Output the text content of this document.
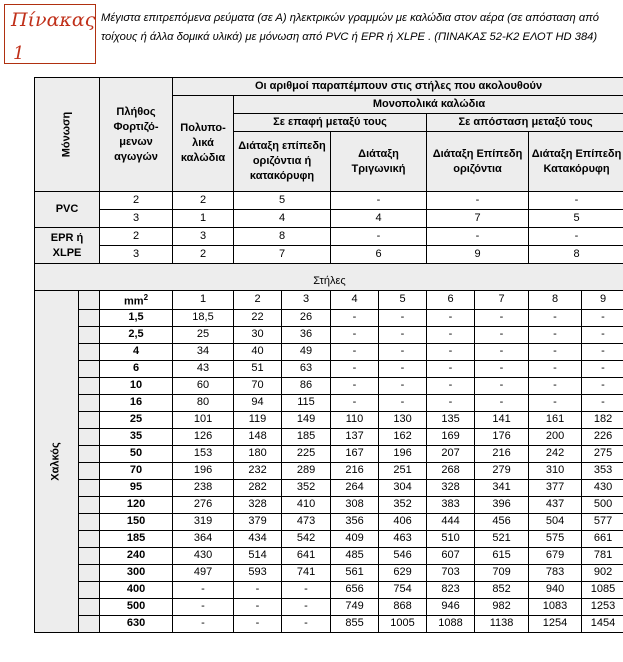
Πίνακας
1
Μέγιστα επιτρεπόμενα ρεύματα (σε Α) ηλεκτρικών γραμμών με καλώδια στον αέρα (σε απόσταση από τοίχους ή άλλα δομικά υλικά) με μόνωση από PVC ή EPR ή XLPE . (ΠΙΝΑΚΑΣ 52-Κ2 ΕΛΟΤ HD 384)
Μόνωση		Πλήθος Φορτιζό-μενων αγωγών	Οι αριθμοί παραπέμπουν στις στήλες που ακολουθούν								
			Πολυπο-λικά καλώδια	Μονοπολικά καλώδια							
				Σε επαφή μεταξύ τους				Σε απόσταση μεταξύ τους			
				Διάταξη επίπεδη οριζόντια ή κατακόρυφη		Διάταξη Τριγωνική		Διάταξη Επίπεδη οριζόντια		Διάταξη Επίπεδη Κατακόρυφη	
PVC		2	2	5		-		-		-	
		3	1	4		4		7		5	
EPR ή
XLPE		2	3	8		-		-		-	
		3	2	7		6		9		8	

Στήλες											
Χαλκός		$mm^2$	1	2	3	4	5	6	7	8	9
		1,5	18,5	22	26	-	-	-	-	-	-
		2,5	25	30	36	-	-	-	-	-	-
		4	34	40	49	-	-	-	-	-	-
		6	43	51	63	-	-	-	-	-	-
		10	60	70	86	-	-	-	-	-	-
		16	80	94	115	-	-	-	-	-	-
		25	101	119	149	110	130	135	141	161	182
		35	126	148	185	137	162	169	176	200	226
		50	153	180	225	167	196	207	216	242	275
		70	196	232	289	216	251	268	279	310	353
		95	238	282	352	264	304	328	341	377	430
		120	276	328	410	308	352	383	396	437	500
		150	319	379	473	356	406	444	456	504	577
		185	364	434	542	409	463	510	521	575	661
		240	430	514	641	485	546	607	615	679	781
		300	497	593	741	561	629	703	709	783	902
		400	-	-	-	656	754	823	852	940	1085
		500	-	-	-	749	868	946	982	1083	1253
		630	-	-	-	855	1005	1088	1138	1254	1454
